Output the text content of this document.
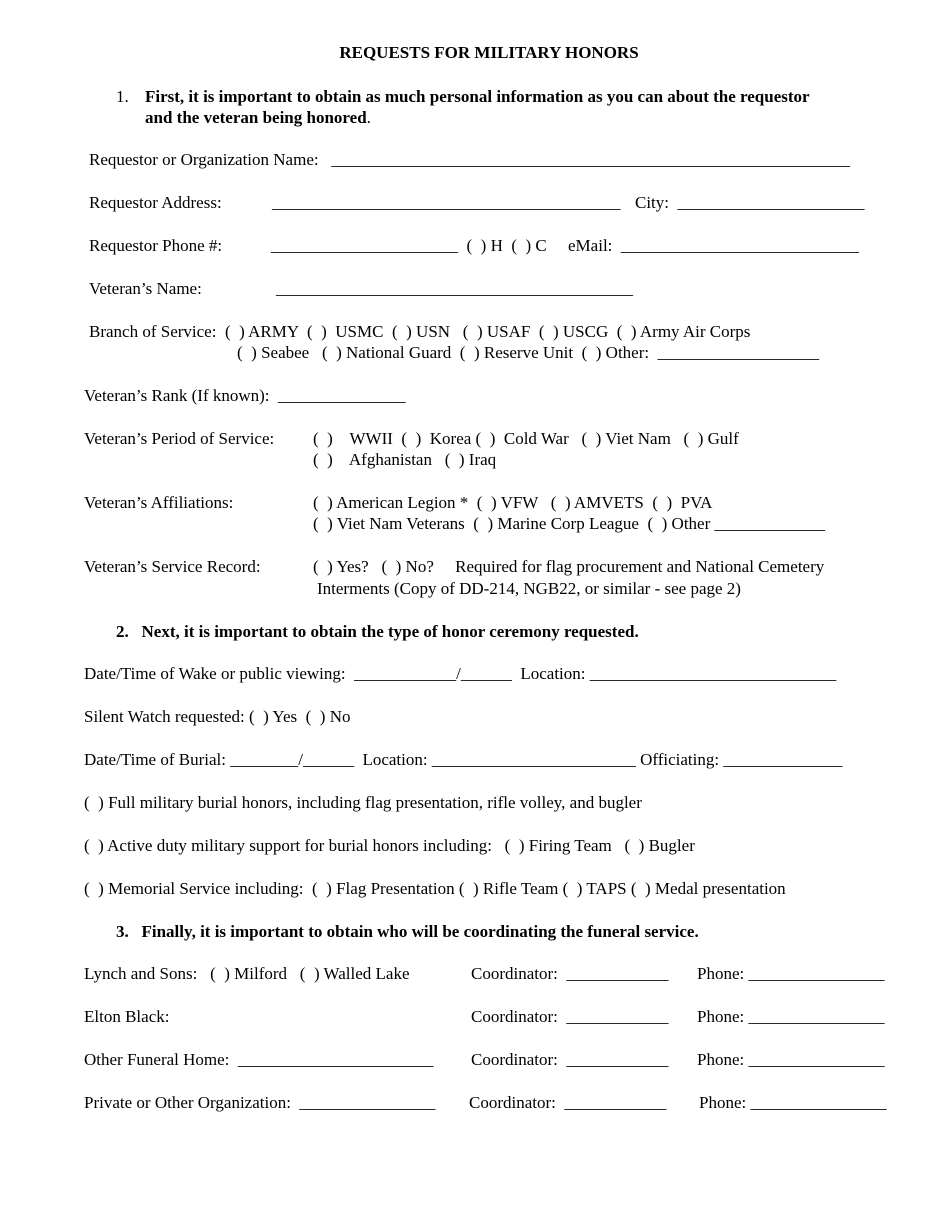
REQUESTS FOR MILITARY HONORS
1. First, it is important to obtain as much personal information as you can about the requestor
and the veteran being honored.
Requestor or Organization Name:   _____________________________________________________________
Requestor Address:	_________________________________________ City:  ______________________
Requestor Phone #:	______________________  (  ) H  (  ) C     eMail:  ____________________________
Veteran’s Name:	__________________________________________
Branch of Service:  (  ) ARMY  (  )  USMC  (  ) USN   (  ) USAF  (  ) USCG  (  ) Army Air Corps
(  ) Seabee   (  ) National Guard  (  ) Reserve Unit  (  ) Other:  ___________________
Veteran’s Rank (If known):  _______________
Veteran’s Period of Service: (  )    WWII  (  )  Korea (  )  Cold War   (  ) Viet Nam   (  ) Gulf
(  )    Afghanistan   (  ) Iraq
Veteran’s Affiliations:	(  ) American Legion *  (  ) VFW   (  ) AMVETS  (  )  PVA
(  ) Viet Nam Veterans  (  ) Marine Corp League  (  ) Other _____________
Veteran’s Service Record:	(  ) Yes?   (  ) No?     Required for flag procurement and National Cemetery
Interments (Copy of DD-214, NGB22, or similar - see page 2)
2.   Next, it is important to obtain the type of honor ceremony requested.
Date/Time of Wake or public viewing:  ____________/______  Location: _____________________________
Silent Watch requested: (  ) Yes  (  ) No
Date/Time of Burial: ________/______  Location: ________________________ Officiating: ______________
(  ) Full military burial honors, including flag presentation, rifle volley, and bugler
(  ) Active duty military support for burial honors including:   (  ) Firing Team   (  ) Bugler
(  ) Memorial Service including:  (  ) Flag Presentation (  ) Rifle Team (  ) TAPS (  ) Medal presentation
3.   Finally, it is important to obtain who will be coordinating the funeral service.
Lynch and Sons:   (  ) Milford   (  ) Walled Lake	Coordinator:  ____________ Phone: ________________
Elton Black:	Coordinator:  ____________ Phone: ________________
Other Funeral Home:  _______________________ Coordinator:  ____________ Phone: ________________
Private or Other Organization:  ________________ Coordinator:  ____________ Phone: ________________
